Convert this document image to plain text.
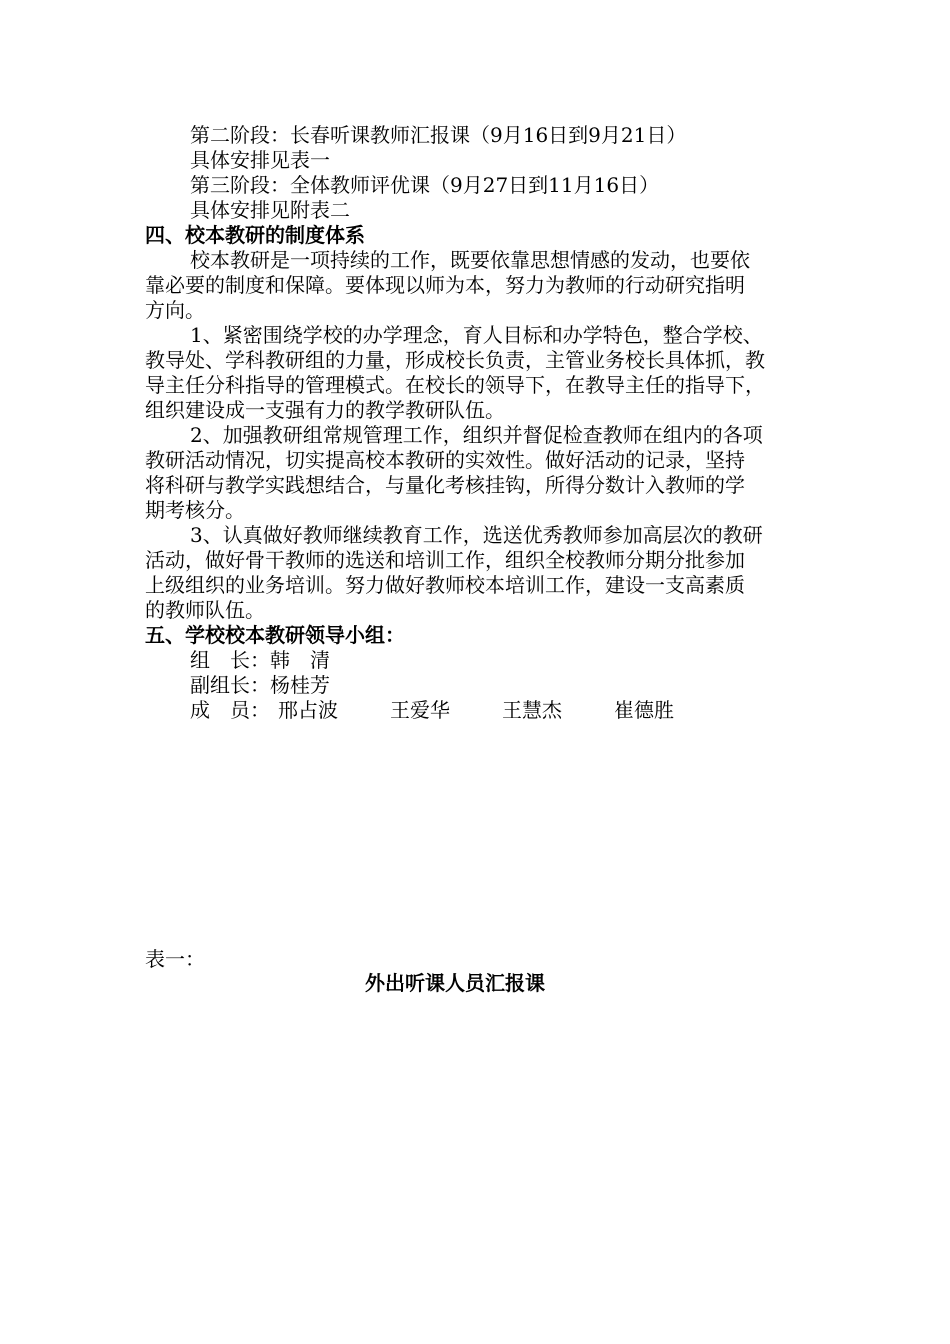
第二阶段：长春听课教师汇报课（9月16日到9月21日）
具体安排见表一
第三阶段：全体教师评优课（9月27日到11月16日）
具体安排见附表二
四、校本教研的制度体系
校本教研是一项持续的工作，既要依靠思想情感的发动，也要依
靠必要的制度和保障。要体现以师为本，努力为教师的行动研究指明
方向。
1、紧密围绕学校的办学理念，育人目标和办学特色，整合学校、
教导处、学科教研组的力量，形成校长负责，主管业务校长具体抓，教
导主任分科指导的管理模式。在校长的领导下，在教导主任的指导下，
组织建设成一支强有力的教学教研队伍。
2、加强教研组常规管理工作，组织并督促检查教师在组内的各项
教研活动情况，切实提高校本教研的实效性。做好活动的记录，坚持
将科研与教学实践想结合，与量化考核挂钩，所得分数计入教师的学
期考核分。
3、认真做好教师继续教育工作，选送优秀教师参加高层次的教研
活动，做好骨干教师的选送和培训工作，组织全校教师分期分批参加
上级组织的业务培训。努力做好教师校本培训工作，建设一支高素质
的教师队伍。
五、学校校本教研领导小组：
组　长：韩　清
副组长：杨桂芳
成　员： 邢占波	王爱华	王慧杰	崔德胜
表一：
外出听课人员汇报课
